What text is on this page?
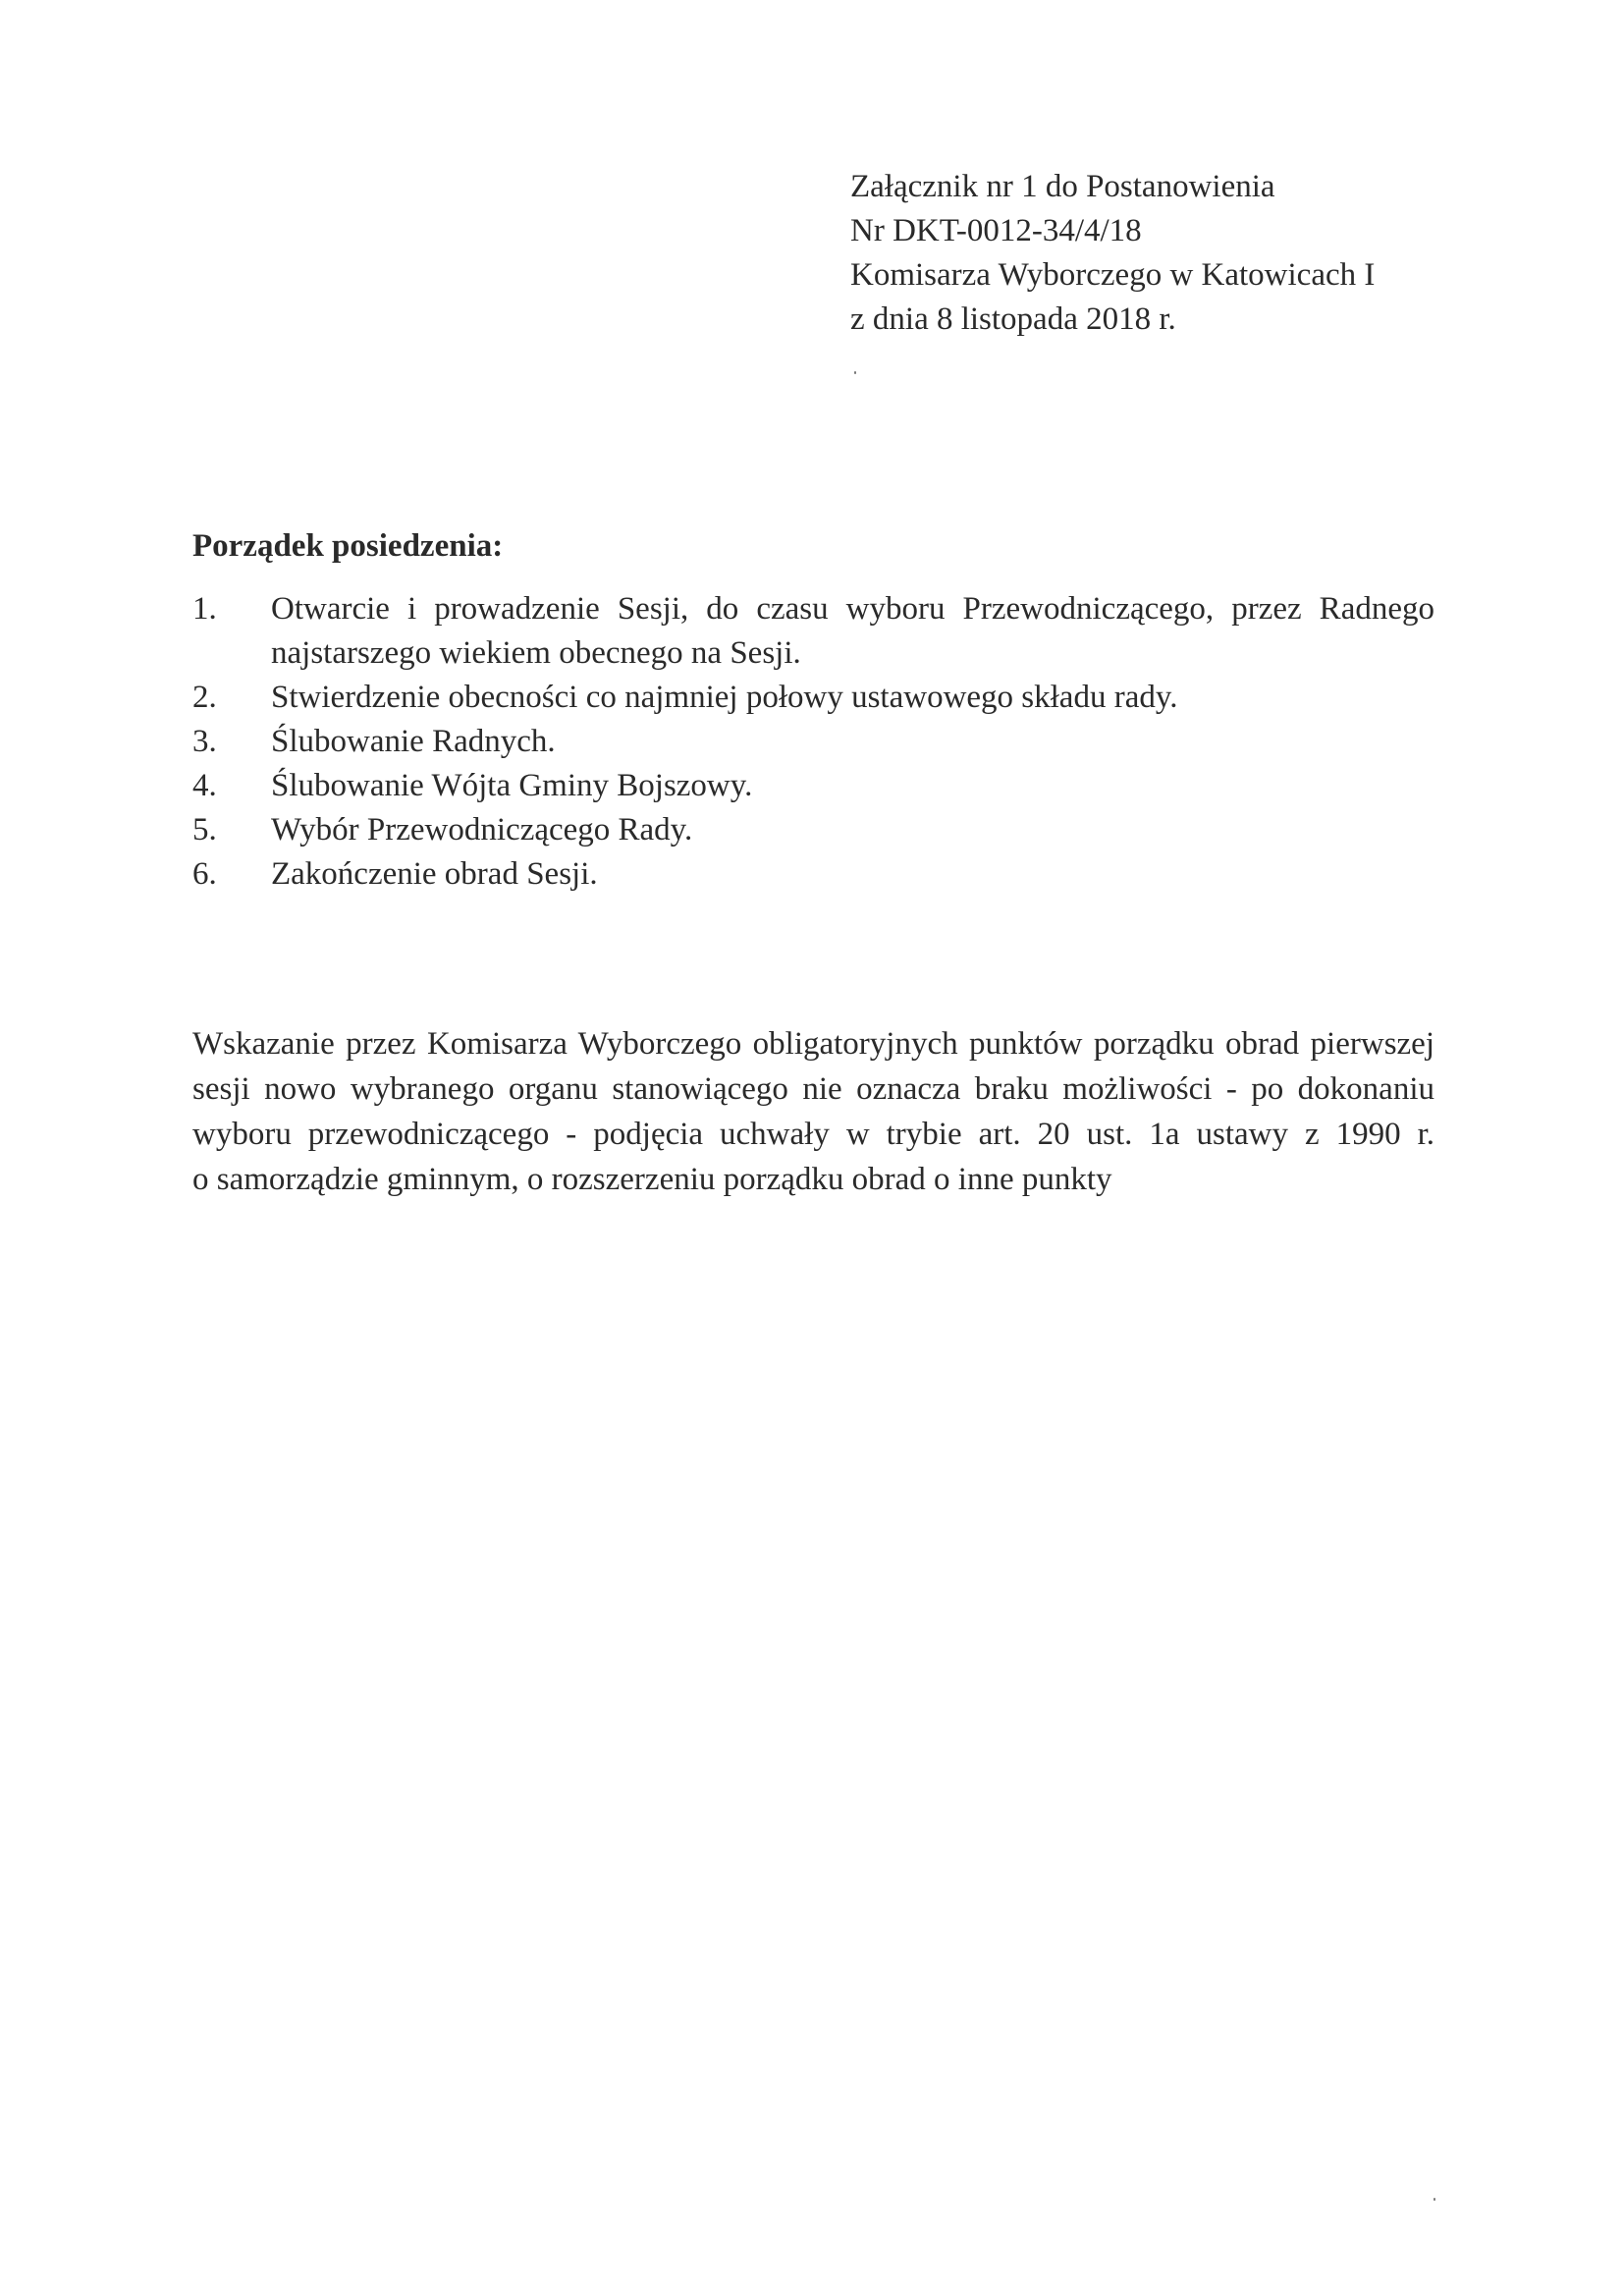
Załącznik nr 1 do Postanowienia
Nr DKT-0012-34/4/18
Komisarza Wyborczego w Katowicach I
z dnia 8 listopada 2018 r.
Porządek posiedzenia:
1.	Otwarcie i prowadzenie Sesji, do czasu wyboru Przewodniczącego, przez Radnego najstarszego wiekiem obecnego na Sesji.
2.	Stwierdzenie obecności co najmniej połowy ustawowego składu rady.
3.	Ślubowanie Radnych.
4.	Ślubowanie Wójta Gminy Bojszowy.
5.	Wybór Przewodniczącego Rady.
6.	Zakończenie obrad Sesji.
Wskazanie przez Komisarza Wyborczego obligatoryjnych punktów porządku obrad pierwszej
sesji nowo wybranego organu stanowiącego nie oznacza braku możliwości - po dokonaniu
wyboru przewodniczącego - podjęcia uchwały w trybie art. 20 ust. 1a ustawy z 1990 r.
o samorządzie gminnym, o rozszerzeniu porządku obrad o inne punkty
